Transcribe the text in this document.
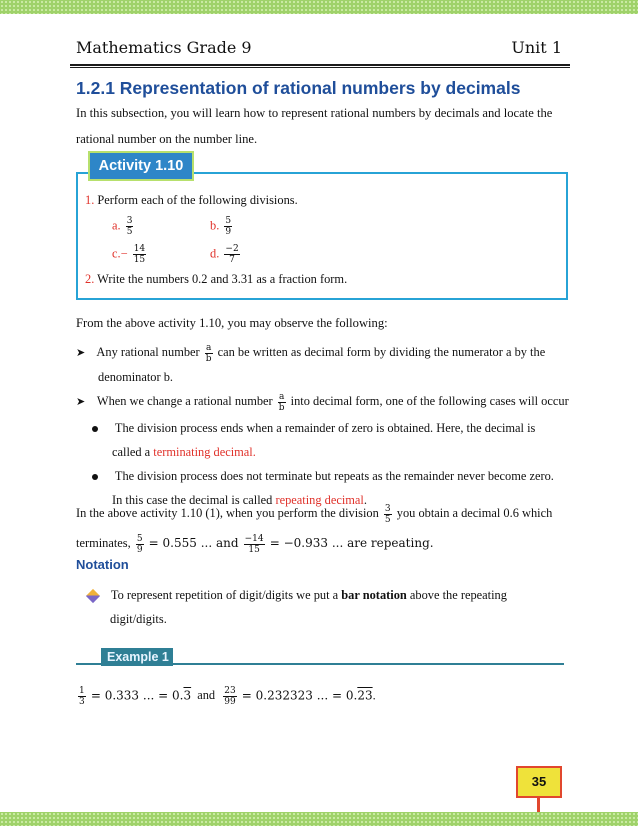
Mathematics Grade 9	Unit 1
1.2.1 Representation of rational numbers by decimals
In this subsection, you will learn how to represent rational numbers by decimals and locate the
rational number on the number line.
1. Perform each of the following divisions.
a. $\frac{3}{5}$	b. $\frac{5}{9}$
$c.- \frac{14}{15}$	d. $\frac{-2}{7}$
2. Write the numbers 0.2 and 3.31 as a fraction form.
Activity 1.10
From the above activity 1.10, you may observe the following:
➤ Any rational number $\frac{a}{b}$ can be written as decimal form by dividing the numerator a by the
denominator b.
➤ When we change a rational number $\frac{a}{b}$ into decimal form, one of the following cases will occur
The division process ends when a remainder of zero is obtained. Here, the decimal is
called a terminating decimal.
The division process does not terminate but repeats as the remainder never become zero.
In this case the decimal is called repeating decimal.
In the above activity 1.10 (1), when you perform the division $\frac{3}{5}$ you obtain a decimal 0.6 which
terminates, $\frac{5}{9} = 0.555$ ... and $\frac{-14}{15} = -0.933$ ... are repeating.
Notation
To represent repetition of digit/digits we put a bar notation above the repeating
digit/digits.
Example 1
$\frac{1}{3} = 0.333$ ... = 0.3 and $\frac{23}{99} = 0.232323$ ... = 0.23.
35
